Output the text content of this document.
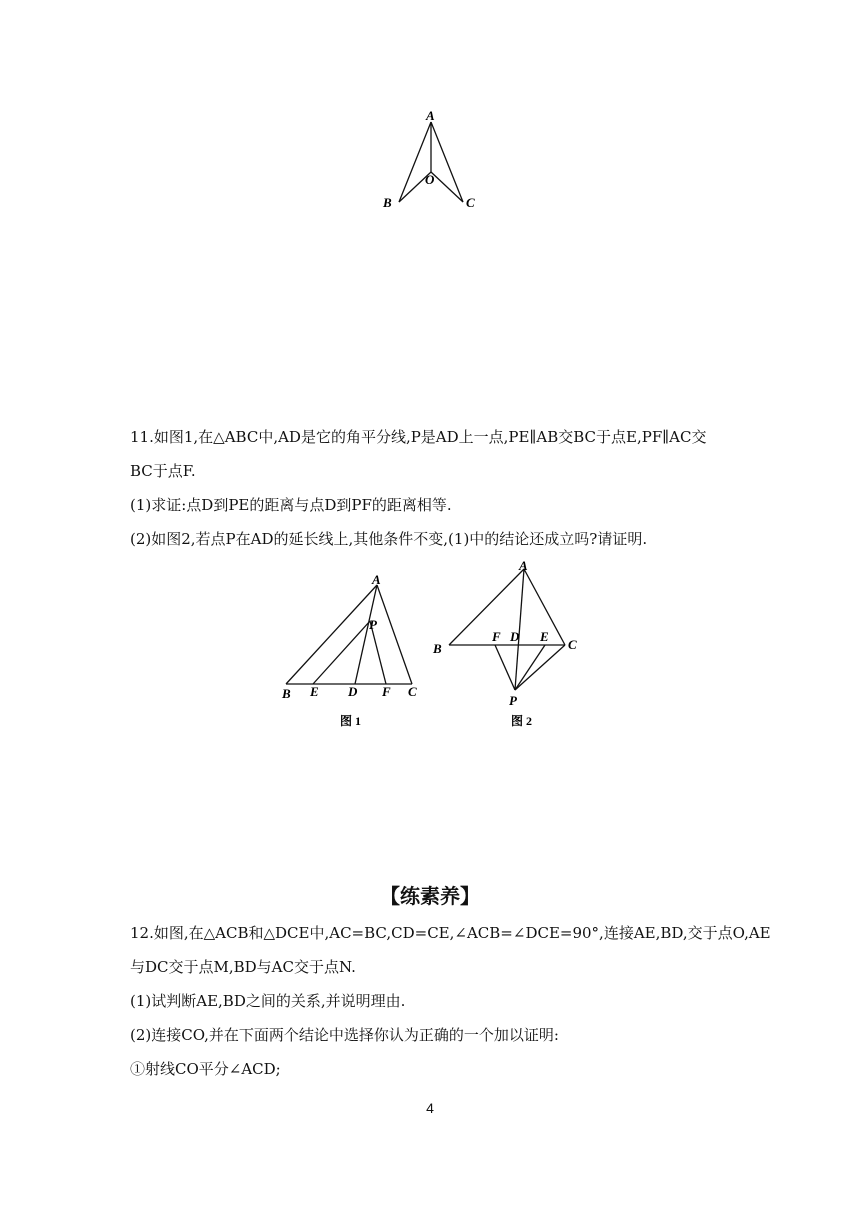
A
O
B	C
11.如图1,在△ABC中,AD是它的角平分线,P是AD上一点,PE∥AB交BC于点E,PF∥AC交
BC于点F.
(1)求证:点D到PE的距离与点D到PF的距离相等.
(2)如图2,若点P在AD的延长线上,其他条件不变,(1)中的结论还成立吗?请证明.
A
P
B E D F C
图 1
A
F D E
B	C
P
图 2
【练素养】
12.如图,在△ACB和△DCE中,AC=BC,CD=CE,∠ACB=∠DCE=90°,连接AE,BD,交于点O,AE
与DC交于点M,BD与AC交于点N.
(1)试判断AE,BD之间的关系,并说明理由.
(2)连接CO,并在下面两个结论中选择你认为正确的一个加以证明:
①射线CO平分∠ACD;
4
